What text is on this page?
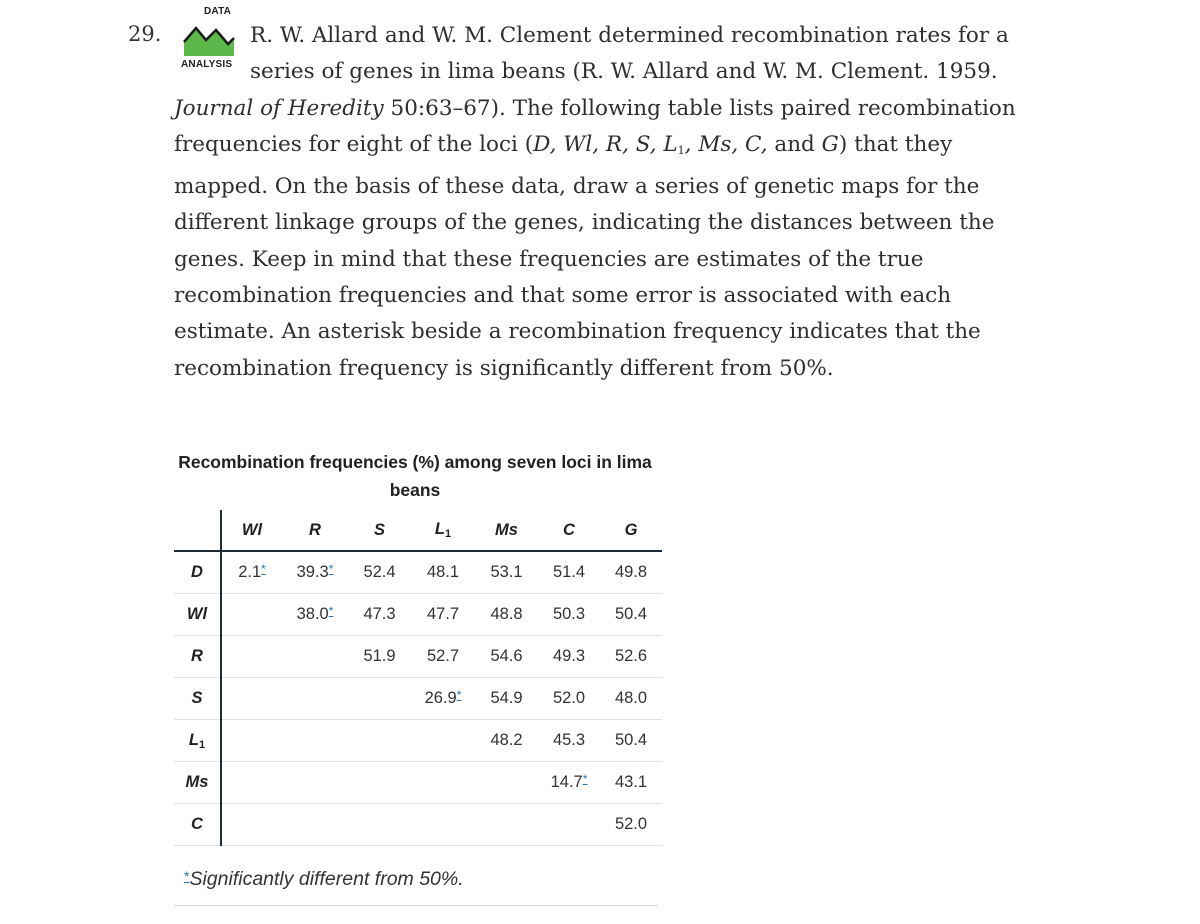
29.
DATA
ANALYSIS
R. W. Allard and W. M. Clement determined recombination rates for a series of genes in lima beans (R. W. Allard and W. M. Clement. 1959.
Journal of Heredity 50:63–67). The following table lists paired recombination frequencies for eight of the loci (D, Wl, R, S, $L_1$, Ms, C, and G) that they mapped. On the basis of these data, draw a series of genetic maps for the different linkage groups of the genes, indicating the distances between the genes. Keep in mind that these frequencies are estimates of the true recombination frequencies and that some error is associated with each estimate. An asterisk beside a recombination frequency indicates that the recombination frequency is significantly different from 50%.
Recombination frequencies (%) among seven loci in lima beans
	Wl	R	S	$L_1$	Ms	C	G
D	2.1*	39.3*	52.4	48.1	53.1	51.4	49.8
Wl		38.0*	47.3	47.7	48.8	50.3	50.4
R			51.9	52.7	54.6	49.3	52.6
S				26.9*	54.9	52.0	48.0
$L_1$					48.2	45.3	50.4
Ms						14.7*	43.1
C							52.0
*Significantly different from 50%.
